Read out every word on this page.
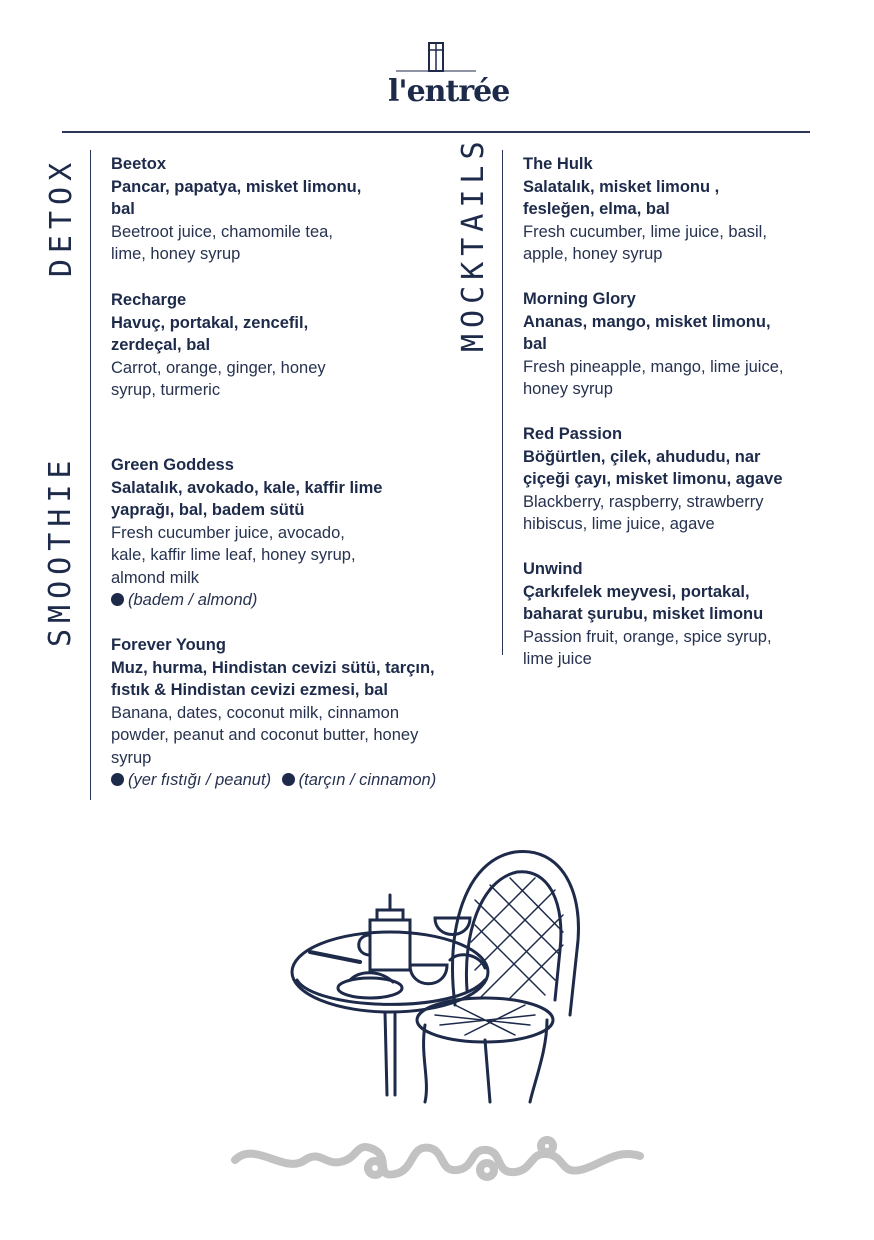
l'entrée
DETOX
SMOOTHIE
MOCKTAILS
Beetox
Pancar, papatya, misket limonu, bal
Beetroot juice, chamomile tea, lime, honey syrup
Recharge
Havuç, portakal, zencefil, zerdeçal, bal
Carrot, orange, ginger, honey syrup, turmeric
Green Goddess
Salatalık, avokado, kale, kaffir lime yaprağı, bal, badem sütü
Fresh cucumber juice, avocado, kale, kaffir lime leaf, honey syrup, almond milk
(badem / almond)
Forever Young
Muz, hurma, Hindistan cevizi sütü, tarçın, fıstık & Hindistan cevizi ezmesi, bal
Banana, dates, coconut milk, cinnamon powder, peanut and coconut butter, honey syrup
(yer fıstığı / peanut) (tarçın / cinnamon)
The Hulk
Salatalık, misket limonu , fesleğen, elma, bal
Fresh cucumber, lime juice, basil, apple, honey syrup
Morning Glory
Ananas, mango, misket limonu, bal
Fresh pineapple, mango, lime juice, honey syrup
Red Passion
Böğürtlen, çilek, ahududu, nar çiçeği çayı, misket limonu, agave
Blackberry, raspberry, strawberry hibiscus, lime juice, agave
Unwind
Çarkıfelek meyvesi, portakal, baharat şurubu, misket limonu
Passion fruit, orange, spice syrup, lime juice
